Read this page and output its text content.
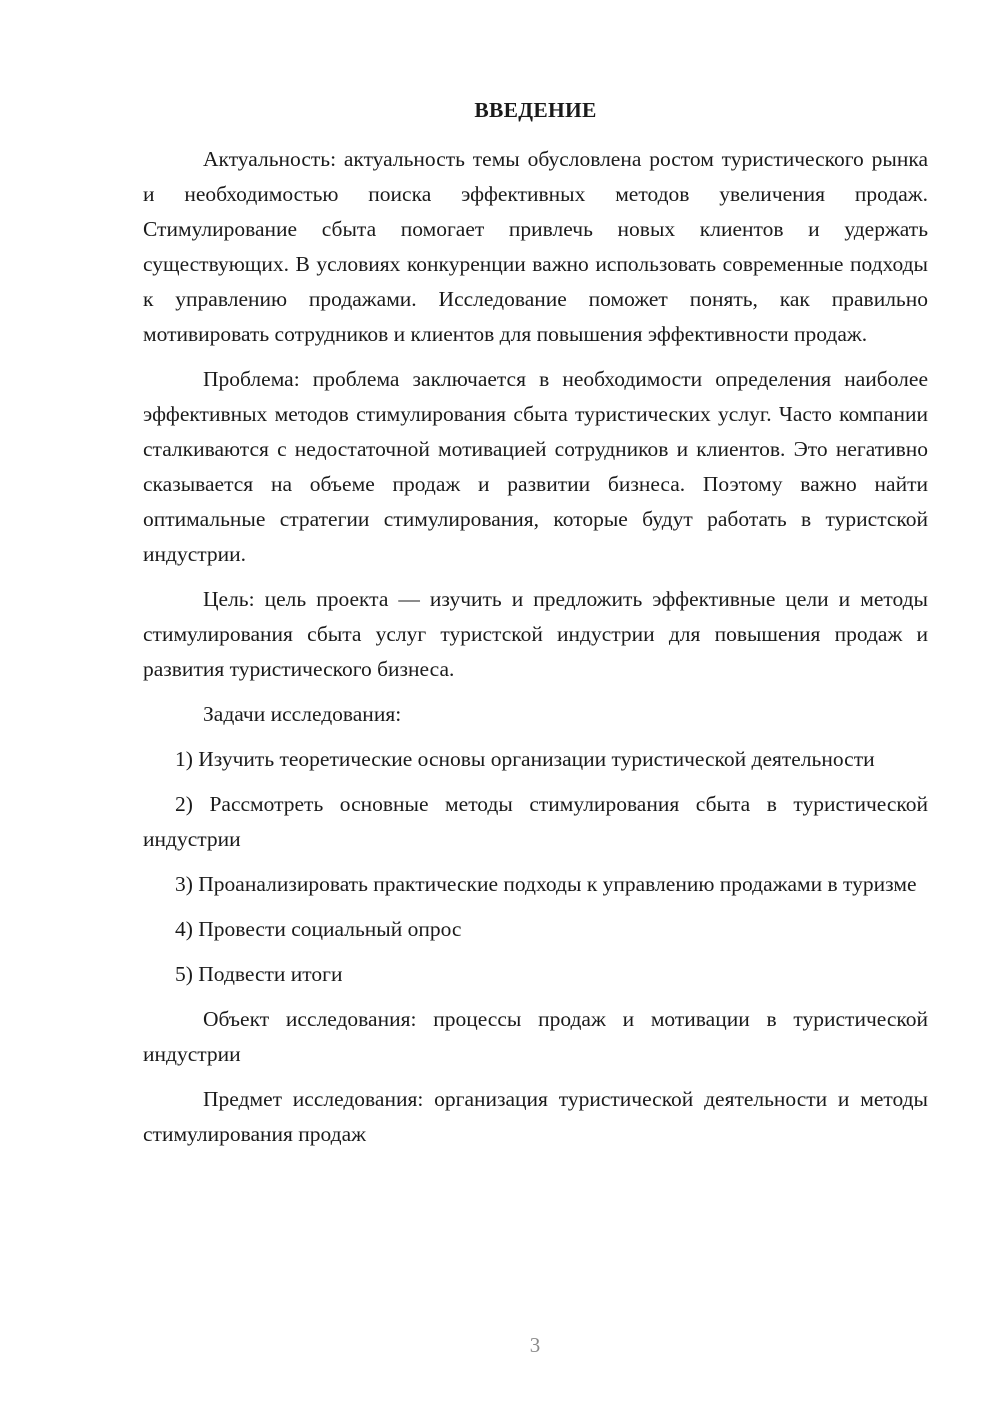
ВВЕДЕНИЕ

Актуальность: актуальность темы обусловлена ростом туристического рынка и необходимостью поиска эффективных методов увеличения продаж. Стимулирование сбыта помогает привлечь новых клиентов и удержать существующих. В условиях конкуренции важно использовать современные подходы к управлению продажами. Исследование поможет понять, как правильно мотивировать сотрудников и клиентов для повышения эффективности продаж.

Проблема: проблема заключается в необходимости определения наиболее эффективных методов стимулирования сбыта туристических услуг. Часто компании сталкиваются с недостаточной мотивацией сотрудников и клиентов. Это негативно сказывается на объеме продаж и развитии бизнеса. Поэтому важно найти оптимальные стратегии стимулирования, которые будут работать в туристской индустрии.

Цель: цель проекта — изучить и предложить эффективные цели и методы стимулирования сбыта услуг туристской индустрии для повышения продаж и развития туристического бизнеса.

Задачи исследования:

1) Изучить теоретические основы организации туристической деятельности

2) Рассмотреть основные методы стимулирования сбыта в туристической индустрии

3) Проанализировать практические подходы к управлению продажами в туризме

4) Провести социальный опрос

5) Подвести итоги

Объект исследования: процессы продаж и мотивации в туристической индустрии

Предмет исследования: организация туристической деятельности и методы стимулирования продаж

3
